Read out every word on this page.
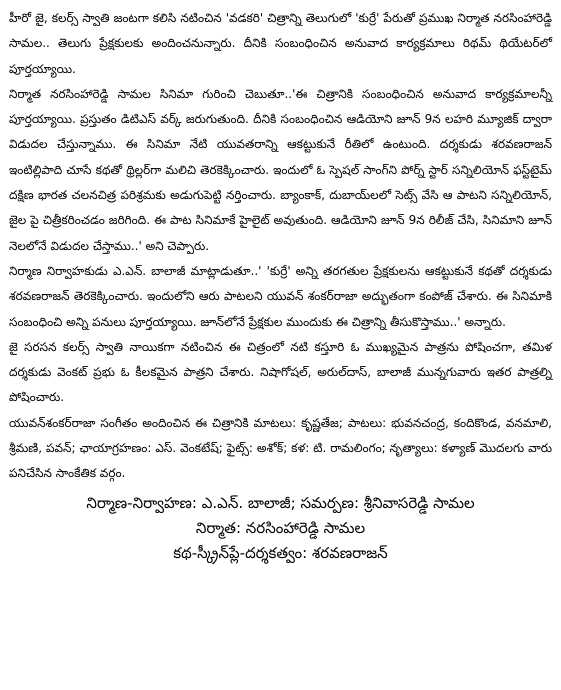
హీరో జై, కలర్స్ స్వాతి జంటగా కలిసి నటించిన 'వడకరి' చిత్రాన్ని తెలుగులో 'కుర్రే' పేరుతో ప్రముఖ నిర్మాత నరసింహారెడ్డి సామల.. తెలుగు ప్రేక్షకులకు అందించనున్నారు. దీనికి సంబంధించిన అనువాద కార్యక్రమాలు రిథమ్ థియేటర్‌లో పూర్తయ్యాయి.

నిర్మాత నరసింహారెడ్డి సామల సినిమా గురించి చెబుతూ..'ఈ చిత్రానికి సంబంధించిన అనువాద కార్యక్రమాలన్నీ పూర్తయ్యాయి. ప్రస్తుతం డిటిఎస్ వర్క్ జరుగుతుంది. దీనికి సంబంధించిన ఆడియోని జూన్ 9న లహరి మ్యూజిక్ ద్వారా విడుదల చేస్తున్నాము. ఈ సినిమా నేటి యువతరాన్ని ఆకట్టుకునే రీతిలో ఉంటుంది. దర్శకుడు శరవణరాజన్ ఇంటిల్లిపాది చూసే కథతో థ్రిల్లర్‌గా మలిచి తెరకెక్కించారు. ఇందులో ఓ స్పెషల్ సాంగ్‌ని పోర్న్ స్టార్ సన్నిలియోన్ ఫస్ట్‌టైమ్ దక్షిణ భారత చలనచిత్ర పరిశ్రమకు అడుగుపెట్టి నర్తించారు. బ్యాంకాక్, దుబాయ్‌లలో సెట్స్ వేసి ఆ పాటని సన్నిలియోన్, జైల పై చిత్రీకరించడం జరిగింది. ఈ పాట సినిమాకే హైలైట్ అవుతుంది. ఆడియోని జూన్ 9న రిలీజ్ చేసి, సినిమాని జూన్ నెలలోనే విడుదల చేస్తాము..' అని చెప్పారు.

నిర్మాణ నిర్వాహకుడు ఎ.ఎన్. బాలాజీ మాట్లాడుతూ..' 'కుర్రే' అన్ని తరగతుల ప్రేక్షకులను ఆకట్టుకునే కథతో దర్శకుడు శరవణరాజన్ తెరకెక్కించారు. ఇందులోని ఆరు పాటలని యువన్ శంకర్‌రాజా అద్భుతంగా కంపోజ్ చేశారు. ఈ సినిమాకి సంబంధించి అన్ని పనులు పూర్తయ్యాయి. జూన్‌లోనే ప్రేక్షకుల ముందుకు ఈ చిత్రాన్ని తీసుకొస్తాము..' అన్నారు.

జై సరసన కలర్స్ స్వాతి నాయికగా నటించిన ఈ చిత్రంలో నటి కస్తూరి ఓ ముఖ్యమైన పాత్రను పోషించగా, తమిళ దర్శకుడు వెంకట్ ప్రభు ఓ కీలకమైన పాత్రని చేశారు. నిషాగోషల్, అరుల్‌దాస్, బాలాజీ మున్నగువారు ఇతర పాత్రల్ని పోషించారు.

యువన్‌శంకర్‌రాజా సంగీతం అందించిన ఈ చిత్రానికి మాటలు: కృష్ణతేజ; పాటలు: భువనచంద్ర, కందికొండ, వనమాలి, శ్రీమణి, పవన్; ఛాయాగ్రహణం: ఎస్. వెంకటేష్; ఫైట్స్: అశోక్; కళ: టి. రామలింగం; నృత్యాలు: కళ్యాణ్ మొదలగు వారు పనిచేసిన సాంకేతిక వర్గం.

నిర్మాణ-నిర్వాహణ: ఎ.ఎన్. బాలాజీ; సమర్పణ: శ్రీనివాసరెడ్డి సామల
నిర్మాత: నరసింహారెడ్డి సామల
కథ-స్క్రీన్‌ప్లే-దర్శకత్వం: శరవణరాజన్
